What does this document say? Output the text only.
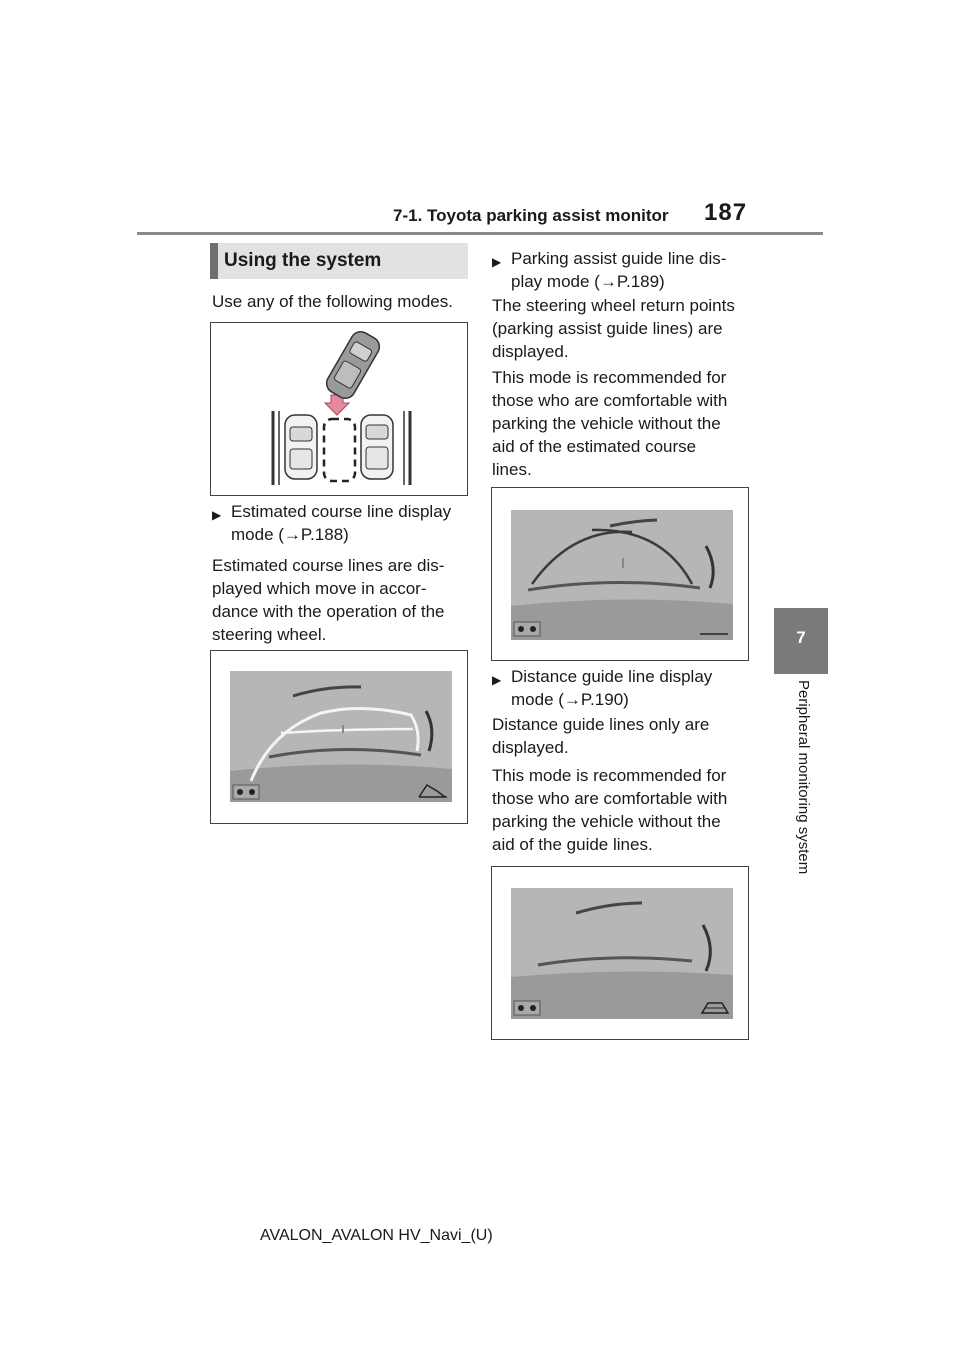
7-1. Toyota parking assist monitor 187
7
Peripheral monitoring system
Using the system
Use any of the following modes.
▶ Estimated course line display
mode (→P.188)
Estimated course lines are dis-
played which move in accor-
dance with the operation of the
steering wheel.
▶ Parking assist guide line dis-
play mode (→P.189)
The steering wheel return points
(parking assist guide lines) are
displayed.
This mode is recommended for
those who are comfortable with
parking the vehicle without the
aid of the estimated course
lines.
▶ Distance guide line display
mode (→P.190)
Distance guide lines only are
displayed.
This mode is recommended for
those who are comfortable with
parking the vehicle without the
aid of the guide lines.
AVALON_AVALON HV_Navi_(U)
